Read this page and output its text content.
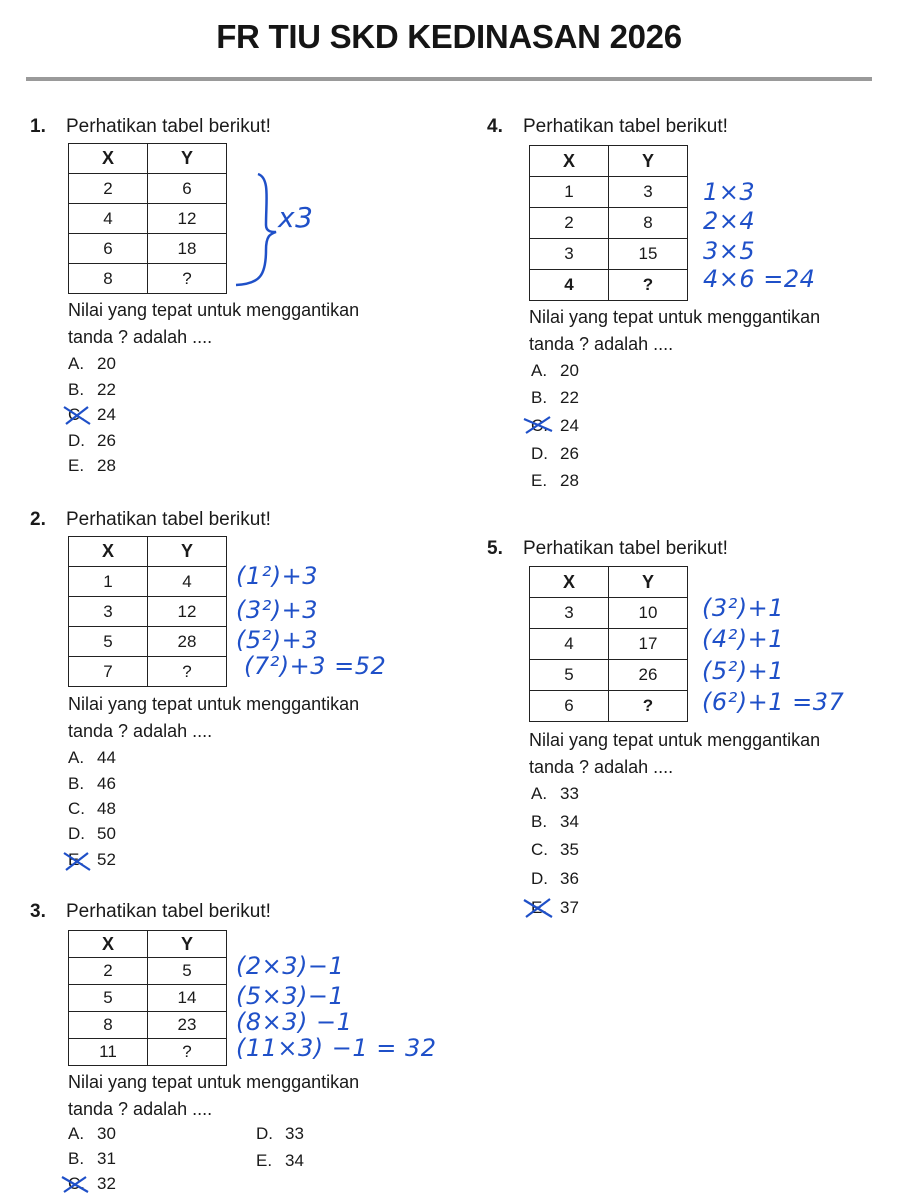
FR TIU SKD KEDINASAN 2026
1. Perhatikan tabel berikut!
X	Y
2	6
4	12
6	18
8	?
x3
Nilai yang tepat untuk menggantikan
tanda ? adalah ....
A. 20
B. 22
C. 24
D. 26
E. 28
2. Perhatikan tabel berikut!
X	Y
1	4
3	12
5	28
7	?
(1²)+3
(3²)+3
(5²)+3
(7²)+3 =52
Nilai yang tepat untuk menggantikan
tanda ? adalah ....
A. 44
B. 46
C. 48
D. 50
E. 52
3. Perhatikan tabel berikut!
X	Y
2	5
5	14
8	23
11	?
(2×3)−1
(5×3)−1
(8×3) −1
(11×3) −1 = 32
Nilai yang tepat untuk menggantikan
tanda ? adalah ....
A. 30
B. 31
C. 32
D. 33
E. 34
4. Perhatikan tabel berikut!
X	Y
1	3
2	8
3	15
4	?
1×3
2×4
3×5
4×6 =24
Nilai yang tepat untuk menggantikan
tanda ? adalah ....
A. 20
B. 22
C. 24
D. 26
E. 28
5. Perhatikan tabel berikut!
X	Y
3	10
4	17
5	26
6	?
(3²)+1
(4²)+1
(5²)+1
(6²)+1 =37
Nilai yang tepat untuk menggantikan
tanda ? adalah ....
A. 33
B. 34
C. 35
D. 36
E. 37
